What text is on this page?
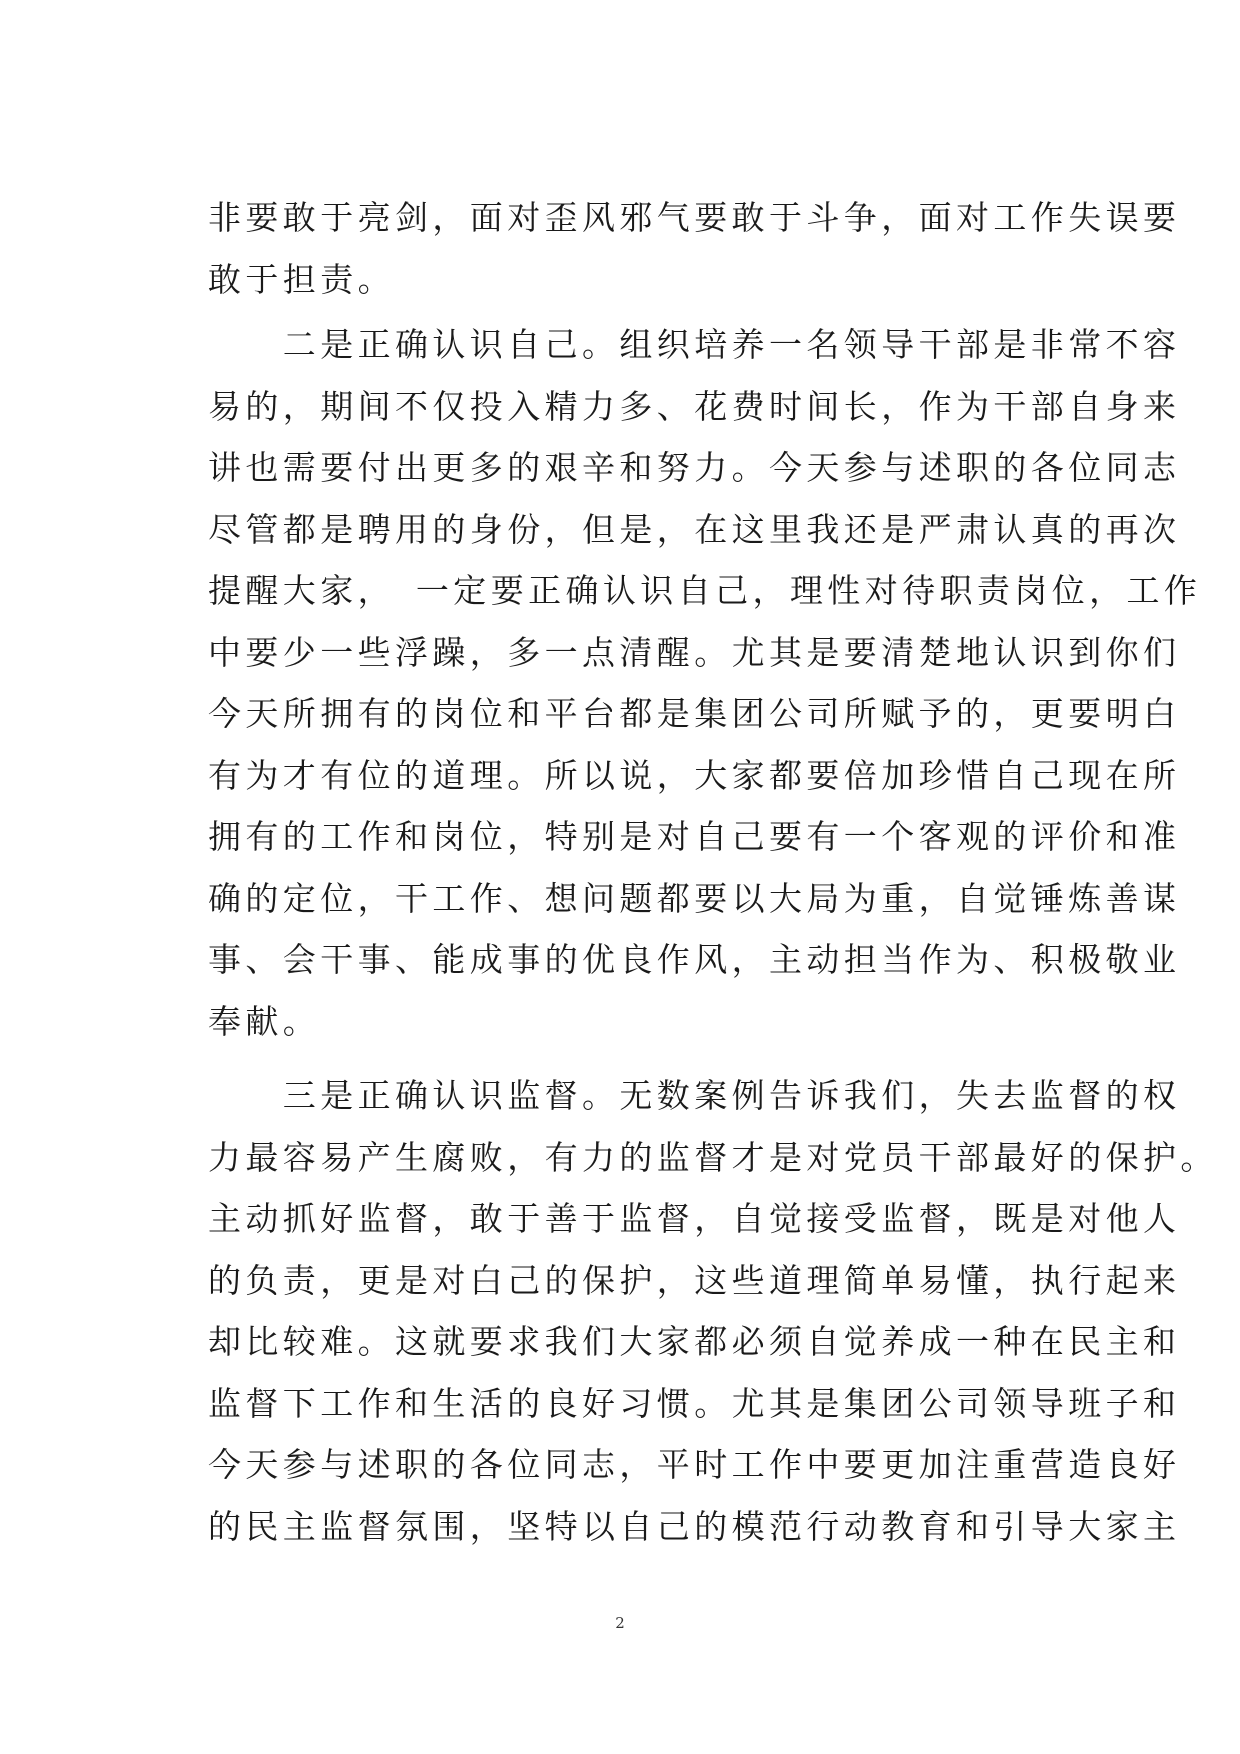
非要敢于亮剑，面对歪风邪气要敢于斗争，面对工作失误要
敢于担责。

　　二是正确认识自己。组织培养一名领导干部是非常不容
易的，期间不仅投入精力多、花费时间长，作为干部自身来
讲也需要付出更多的艰辛和努力。今天参与述职的各位同志
尽管都是聘用的身份，但是，在这里我还是严肃认真的再次
提醒大家，　一定要正确认识自己，理性对待职责岗位，工作
中要少一些浮躁，多一点清醒。尤其是要清楚地认识到你们
今天所拥有的岗位和平台都是集团公司所赋予的，更要明白
有为才有位的道理。所以说，大家都要倍加珍惜自己现在所
拥有的工作和岗位，特别是对自己要有一个客观的评价和准
确的定位，干工作、想问题都要以大局为重，自觉锤炼善谋
事、会干事、能成事的优良作风，主动担当作为、积极敬业
奉献。

　　三是正确认识监督。无数案例告诉我们，失去监督的权
力最容易产生腐败，有力的监督才是对党员干部最好的保护。
主动抓好监督，敢于善于监督，自觉接受监督，既是对他人
的负责，更是对白己的保护，这些道理简单易懂，执行起来
却比较难。这就要求我们大家都必须自觉养成一种在民主和
监督下工作和生活的良好习惯。尤其是集团公司领导班子和
今天参与述职的各位同志，平时工作中要更加注重营造良好
的民主监督氛围，坚特以自己的模范行动教育和引导大家主

2
